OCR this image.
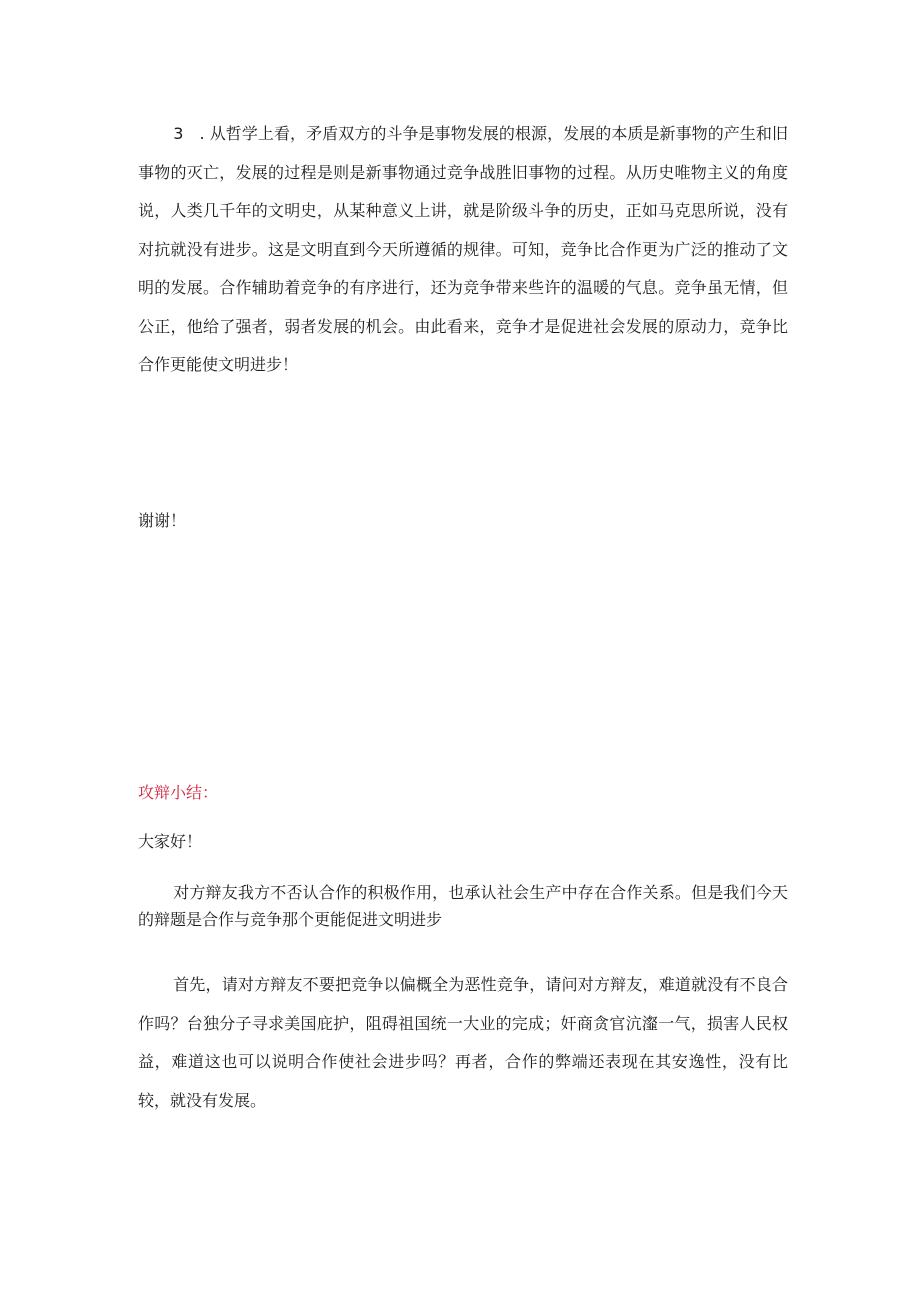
3　. 从哲学上看，矛盾双方的斗争是事物发展的根源，发展的本质是新事物的产生和旧事物的灭亡，发展的过程是则是新事物通过竞争战胜旧事物的过程。从历史唯物主义的角度说，人类几千年的文明史，从某种意义上讲，就是阶级斗争的历史，正如马克思所说，没有对抗就没有进步。这是文明直到今天所遵循的规律。可知，竞争比合作更为广泛的推动了文明的发展。合作辅助着竞争的有序进行，还为竞争带来些许的温暖的气息。竞争虽无情，但公正，他给了强者，弱者发展的机会。由此看来，竞争才是促进社会发展的原动力，竞争比合作更能使文明进步！

谢谢！

攻辩小结：

大家好！

对方辩友我方不否认合作的积极作用，也承认社会生产中存在合作关系。但是我们今天的辩题是合作与竞争那个更能促进文明进步

首先，请对方辩友不要把竞争以偏概全为恶性竞争，请问对方辩友，难道就没有不良合作吗？台独分子寻求美国庇护，阻碍祖国统一大业的完成；奸商贪官沆瀣一气，损害人民权益，难道这也可以说明合作使社会进步吗？再者，合作的弊端还表现在其安逸性，没有比较，就没有发展。
